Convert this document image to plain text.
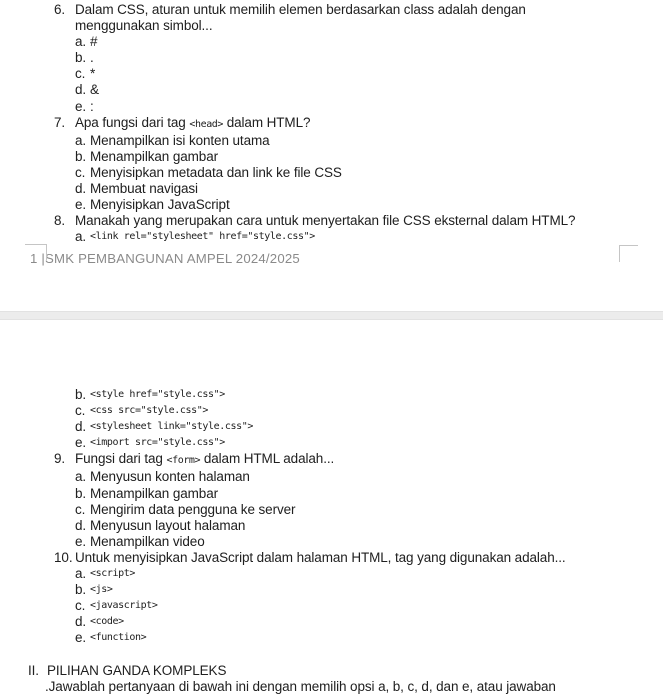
6. Dalam CSS, aturan untuk memilih elemen berdasarkan class adalah dengan menggunakan simbol...
a. #
b. .
c. *
d. &
e. :
7. Apa fungsi dari tag <head> dalam HTML?
a. Menampilkan isi konten utama
b. Menampilkan gambar
c. Menyisipkan metadata dan link ke file CSS
d. Membuat navigasi
e. Menyisipkan JavaScript
8. Manakah yang merupakan cara untuk menyertakan file CSS eksternal dalam HTML?
a. <link rel="stylesheet" href="style.css">
1 |SMK PEMBANGUNAN AMPEL 2024/2025
b. <style href="style.css">
c. <css src="style.css">
d. <stylesheet link="style.css">
e. <import src="style.css">
9. Fungsi dari tag <form> dalam HTML adalah...
a. Menyusun konten halaman
b. Menampilkan gambar
c. Mengirim data pengguna ke server
d. Menyusun layout halaman
e. Menampilkan video
10. Untuk menyisipkan JavaScript dalam halaman HTML, tag yang digunakan adalah...
a. <script>
b. <js>
c. <javascript>
d. <code>
e. <function>
II. PILIHAN GANDA KOMPLEKS
.Jawablah pertanyaan di bawah ini dengan memilih opsi a, b, c, d, dan e, atau jawaban
